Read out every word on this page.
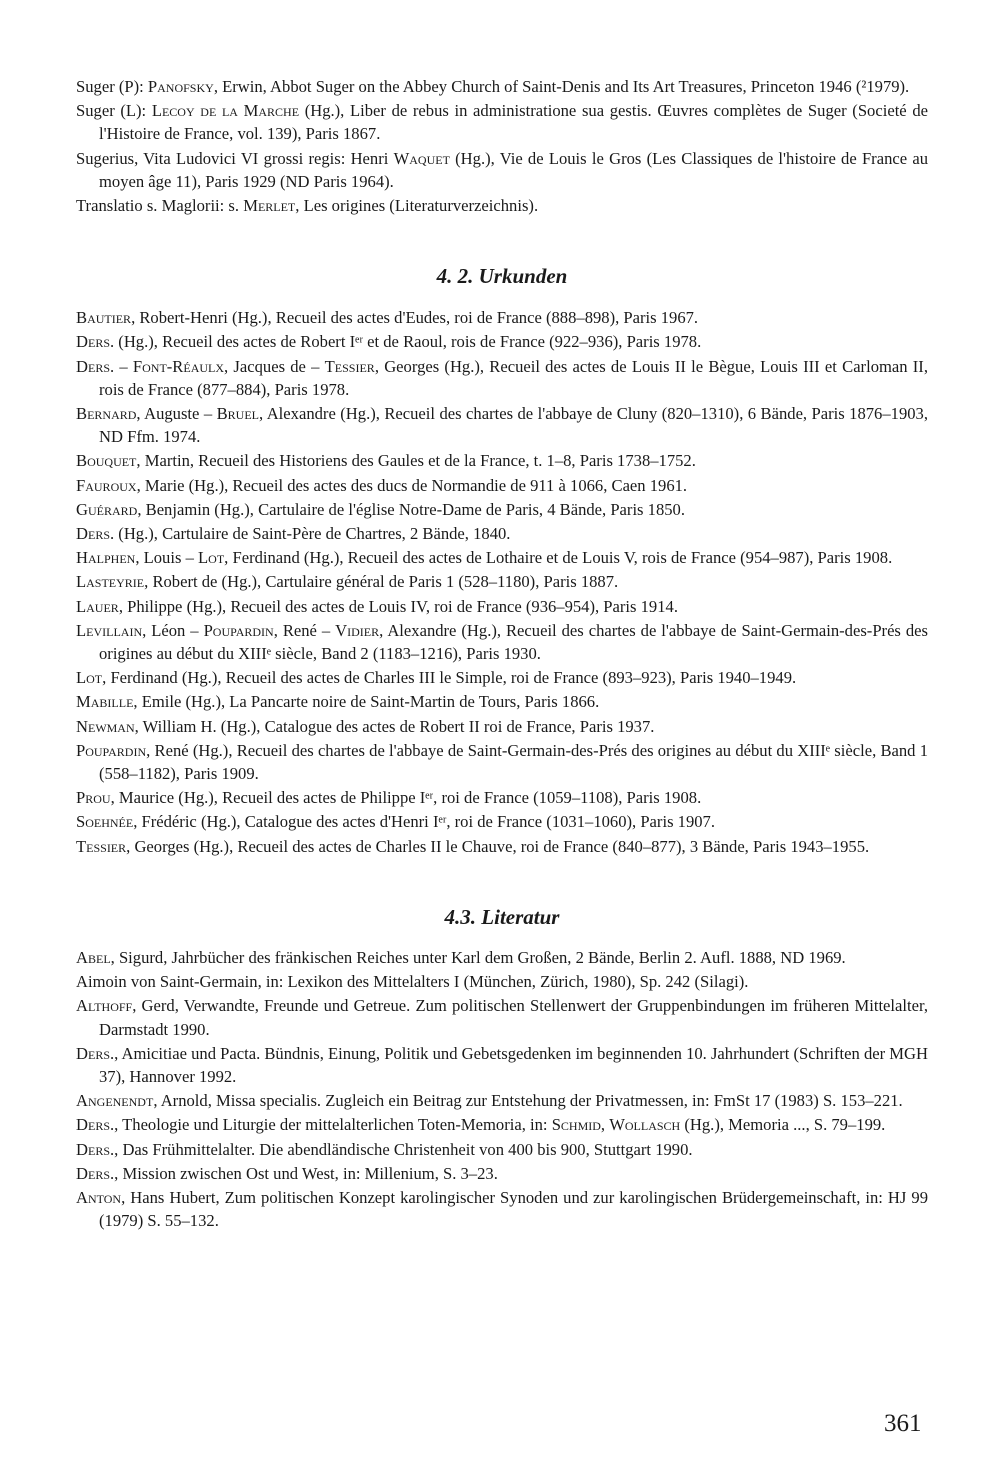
Suger (P): Panofsky, Erwin, Abbot Suger on the Abbey Church of Saint-Denis and Its Art Treasures, Princeton 1946 (²1979).

Suger (L): Lecoy de la Marche (Hg.), Liber de rebus in administratione sua gestis. Œuvres complètes de Suger (Societé de l'Histoire de France, vol. 139), Paris 1867.

Sugerius, Vita Ludovici VI grossi regis: Henri Waquet (Hg.), Vie de Louis le Gros (Les Classiques de l'histoire de France au moyen âge 11), Paris 1929 (ND Paris 1964).

Translatio s. Maglorii: s. Merlet, Les origines (Literaturverzeichnis).

4. 2. Urkunden

Bautier, Robert-Henri (Hg.), Recueil des actes d'Eudes, roi de France (888–898), Paris 1967.

Ders. (Hg.), Recueil des actes de Robert Iᵉʳ et de Raoul, rois de France (922–936), Paris 1978.

Ders. – Font-Réaulx, Jacques de – Tessier, Georges (Hg.), Recueil des actes de Louis II le Bègue, Louis III et Carloman II, rois de France (877–884), Paris 1978.

Bernard, Auguste – Bruel, Alexandre (Hg.), Recueil des chartes de l'abbaye de Cluny (820–1310), 6 Bände, Paris 1876–1903, ND Ffm. 1974.

Bouquet, Martin, Recueil des Historiens des Gaules et de la France, t. 1–8, Paris 1738–1752.

Fauroux, Marie (Hg.), Recueil des actes des ducs de Normandie de 911 à 1066, Caen 1961.

Guérard, Benjamin (Hg.), Cartulaire de l'église Notre-Dame de Paris, 4 Bände, Paris 1850.

Ders. (Hg.), Cartulaire de Saint-Père de Chartres, 2 Bände, 1840.

Halphen, Louis – Lot, Ferdinand (Hg.), Recueil des actes de Lothaire et de Louis V, rois de France (954–987), Paris 1908.

Lasteyrie, Robert de (Hg.), Cartulaire général de Paris 1 (528–1180), Paris 1887.

Lauer, Philippe (Hg.), Recueil des actes de Louis IV, roi de France (936–954), Paris 1914.

Levillain, Léon – Poupardin, René – Vidier, Alexandre (Hg.), Recueil des chartes de l'abbaye de Saint-Germain-des-Prés des origines au début du XIIIᵉ siècle, Band 2 (1183–1216), Paris 1930.

Lot, Ferdinand (Hg.), Recueil des actes de Charles III le Simple, roi de France (893–923), Paris 1940–1949.

Mabille, Emile (Hg.), La Pancarte noire de Saint-Martin de Tours, Paris 1866.

Newman, William H. (Hg.), Catalogue des actes de Robert II roi de France, Paris 1937.

Poupardin, René (Hg.), Recueil des chartes de l'abbaye de Saint-Germain-des-Prés des origines au début du XIIIᵉ siècle, Band 1 (558–1182), Paris 1909.

Prou, Maurice (Hg.), Recueil des actes de Philippe Iᵉʳ, roi de France (1059–1108), Paris 1908.

Soehnée, Frédéric (Hg.), Catalogue des actes d'Henri Iᵉʳ, roi de France (1031–1060), Paris 1907.

Tessier, Georges (Hg.), Recueil des actes de Charles II le Chauve, roi de France (840–877), 3 Bände, Paris 1943–1955.

4.3. Literatur

Abel, Sigurd, Jahrbücher des fränkischen Reiches unter Karl dem Großen, 2 Bände, Berlin 2. Aufl. 1888, ND 1969.

Aimoin von Saint-Germain, in: Lexikon des Mittelalters I (München, Zürich, 1980), Sp. 242 (Silagi).

Althoff, Gerd, Verwandte, Freunde und Getreue. Zum politischen Stellenwert der Gruppenbindungen im früheren Mittelalter, Darmstadt 1990.

Ders., Amicitiae und Pacta. Bündnis, Einung, Politik und Gebetsgedenken im beginnenden 10. Jahrhundert (Schriften der MGH 37), Hannover 1992.

Angenendt, Arnold, Missa specialis. Zugleich ein Beitrag zur Entstehung der Privatmessen, in: FmSt 17 (1983) S. 153–221.

Ders., Theologie und Liturgie der mittelalterlichen Toten-Memoria, in: Schmid, Wollasch (Hg.), Memoria ..., S. 79–199.

Ders., Das Frühmittelalter. Die abendländische Christenheit von 400 bis 900, Stuttgart 1990.

Ders., Mission zwischen Ost und West, in: Millenium, S. 3–23.

Anton, Hans Hubert, Zum politischen Konzept karolingischer Synoden und zur karolingischen Brüdergemeinschaft, in: HJ 99 (1979) S. 55–132.

361
